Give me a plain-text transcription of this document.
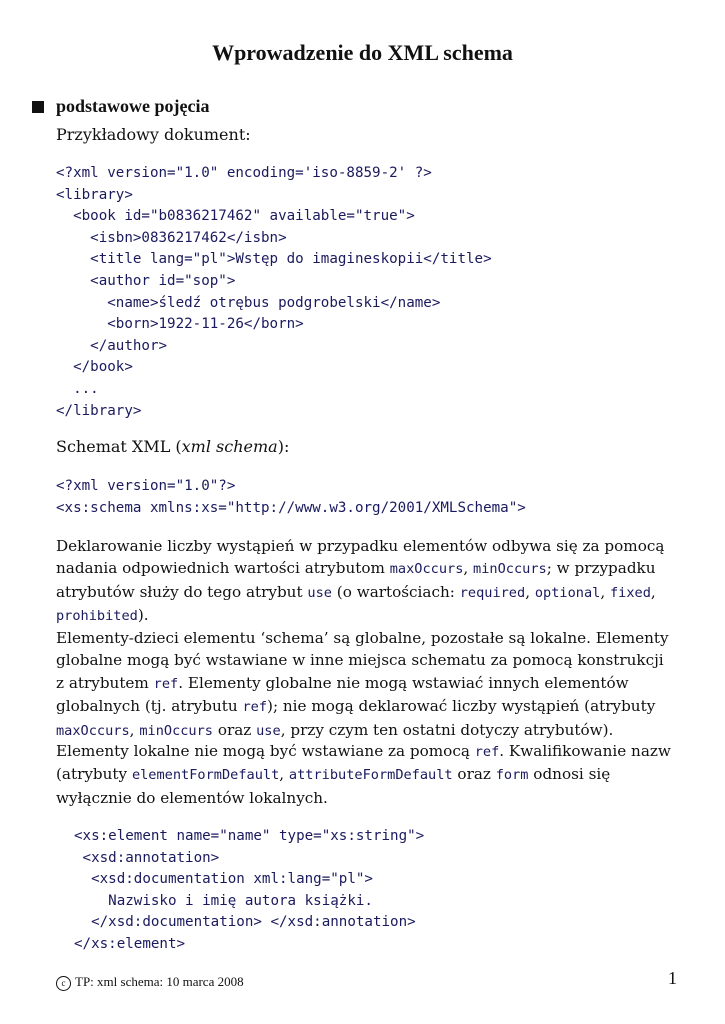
Wprowadzenie do XML schema
podstawowe pojęcia
Przykładowy dokument:
<?xml version="1.0" encoding='iso-8859-2' ?>
<library>
<book id="b0836217462" available="true">
<isbn>0836217462</isbn>
<title lang="pl">Wstęp do imagineskopii</title>
<author id="sop">
<name>śledź otrębus podgrobelski</name>
<born>1922-11-26</born>
</author>
</book>
...
</library>
Schemat XML (xml schema):
<?xml version="1.0"?>
<xs:schema xmlns:xs="http://www.w3.org/2001/XMLSchema">
Deklarowanie liczby wystąpień w przypadku elementów odbywa się za pomocą nadania odpowiednich wartości atrybutom maxOccurs, minOccurs; w przypadku atrybutów służy do tego atrybut use (o wartościach: required, optional, fixed, prohibited).
Elementy-dzieci elementu ‘schema’ są globalne, pozostałe są lokalne. Elementy globalne mogą być wstawiane w inne miejsca schematu za pomocą konstrukcji z atrybutem ref. Elementy globalne nie mogą wstawiać innych elementów globalnych (tj. atrybutu ref); nie mogą deklarować liczby wystąpień (atrybuty maxOccurs, minOccurs oraz use, przy czym ten ostatni dotyczy atrybutów).
Elementy lokalne nie mogą być wstawiane za pomocą ref. Kwalifikowanie nazw (atrybuty elementFormDefault, attributeFormDefault oraz form odnosi się wyłącznie do elementów lokalnych.
<xs:element name="name" type="xs:string">
<xsd:annotation>
<xsd:documentation xml:lang="pl">
Nazwisko i imię autora książki.
</xsd:documentation> </xsd:annotation>
</xs:element>
c TP: xml schema: 10 marca 2008	1
